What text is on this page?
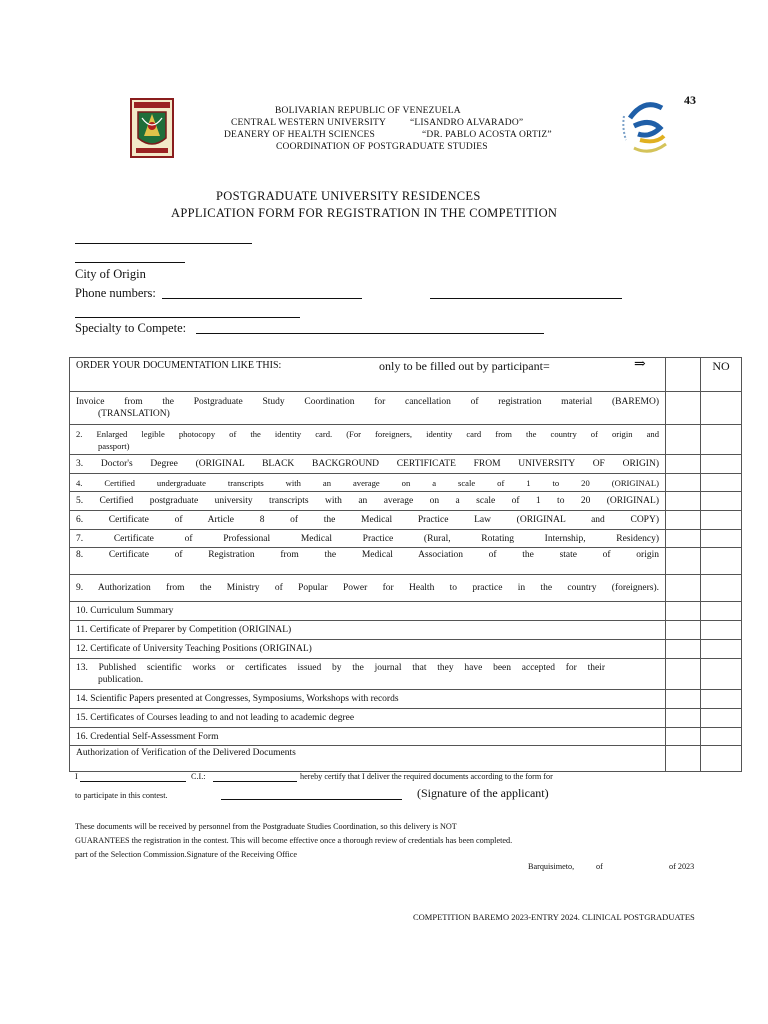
43
BOLIVARIAN REPUBLIC OF VENEZUELA
CENTRAL WESTERN UNIVERSITY	“LISANDRO ALVARADO”
DEANERY OF HEALTH SCIENCES	“DR. PABLO ACOSTA ORTIZ”
COORDINATION OF POSTGRADUATE STUDIES
POSTGRADUATE UNIVERSITY RESIDENCES
APPLICATION FORM FOR REGISTRATION IN THE COMPETITION
City of Origin
Phone numbers:
Specialty to Compete:
ORDER YOUR DOCUMENTATION LIKE THIS: only to be filled out by participant= ⇒		NO
Invoice from the Postgraduate Study Coordination for cancellation of registration material (BAREMO)
(TRANSLATION)		

2. Enlarged legible photocopy of the identity card. (For foreigners, identity card from the country of origin and
passport)		

3. Doctor's Degree (ORIGINAL BLACK BACKGROUND CERTIFICATE FROM UNIVERSITY OF ORIGIN)		
4. Certified undergraduate transcripts with an average on a scale of 1 to 20 (ORIGINAL)		
5. Certified postgraduate university transcripts with an average on a scale of 1 to 20 (ORIGINAL)		
6. Certificate of Article 8 of the Medical Practice Law (ORIGINAL and COPY)		
7. Certificate of Professional Medical Practice (Rural, Rotating Internship, Residency)		
8. Certificate of Registration from the Medical Association of the state of origin		
9. Authorization from the Ministry of Popular Power for Health to practice in the country (foreigners).		
10. Curriculum Summary		
11. Certificate of Preparer by Competition (ORIGINAL)		
12. Certificate of University Teaching Positions (ORIGINAL)		
13. Published scientific works or certificates issued by the journal that they have been accepted for their
publication.		

14. Scientific Papers presented at Congresses, Symposiums, Workshops with records		
15. Certificates of Courses leading to and not leading to academic degree		
16. Credential Self-Assessment Form		
Authorization of Verification of the Delivered Documents		
I	C.I.:	hereby certify that I deliver the required documents according to the form for
to participate in this contest.	(Signature of the applicant)
These documents will be received by personnel from the Postgraduate Studies Coordination, so this delivery is NOT
GUARANTEES the registration in the contest. This will become effective once a thorough review of credentials has been completed.
part of the Selection Commission.Signature of the Receiving Office
Barquisimeto,	of	of 2023
COMPETITION BAREMO 2023-ENTRY 2024. CLINICAL POSTGRADUATES
